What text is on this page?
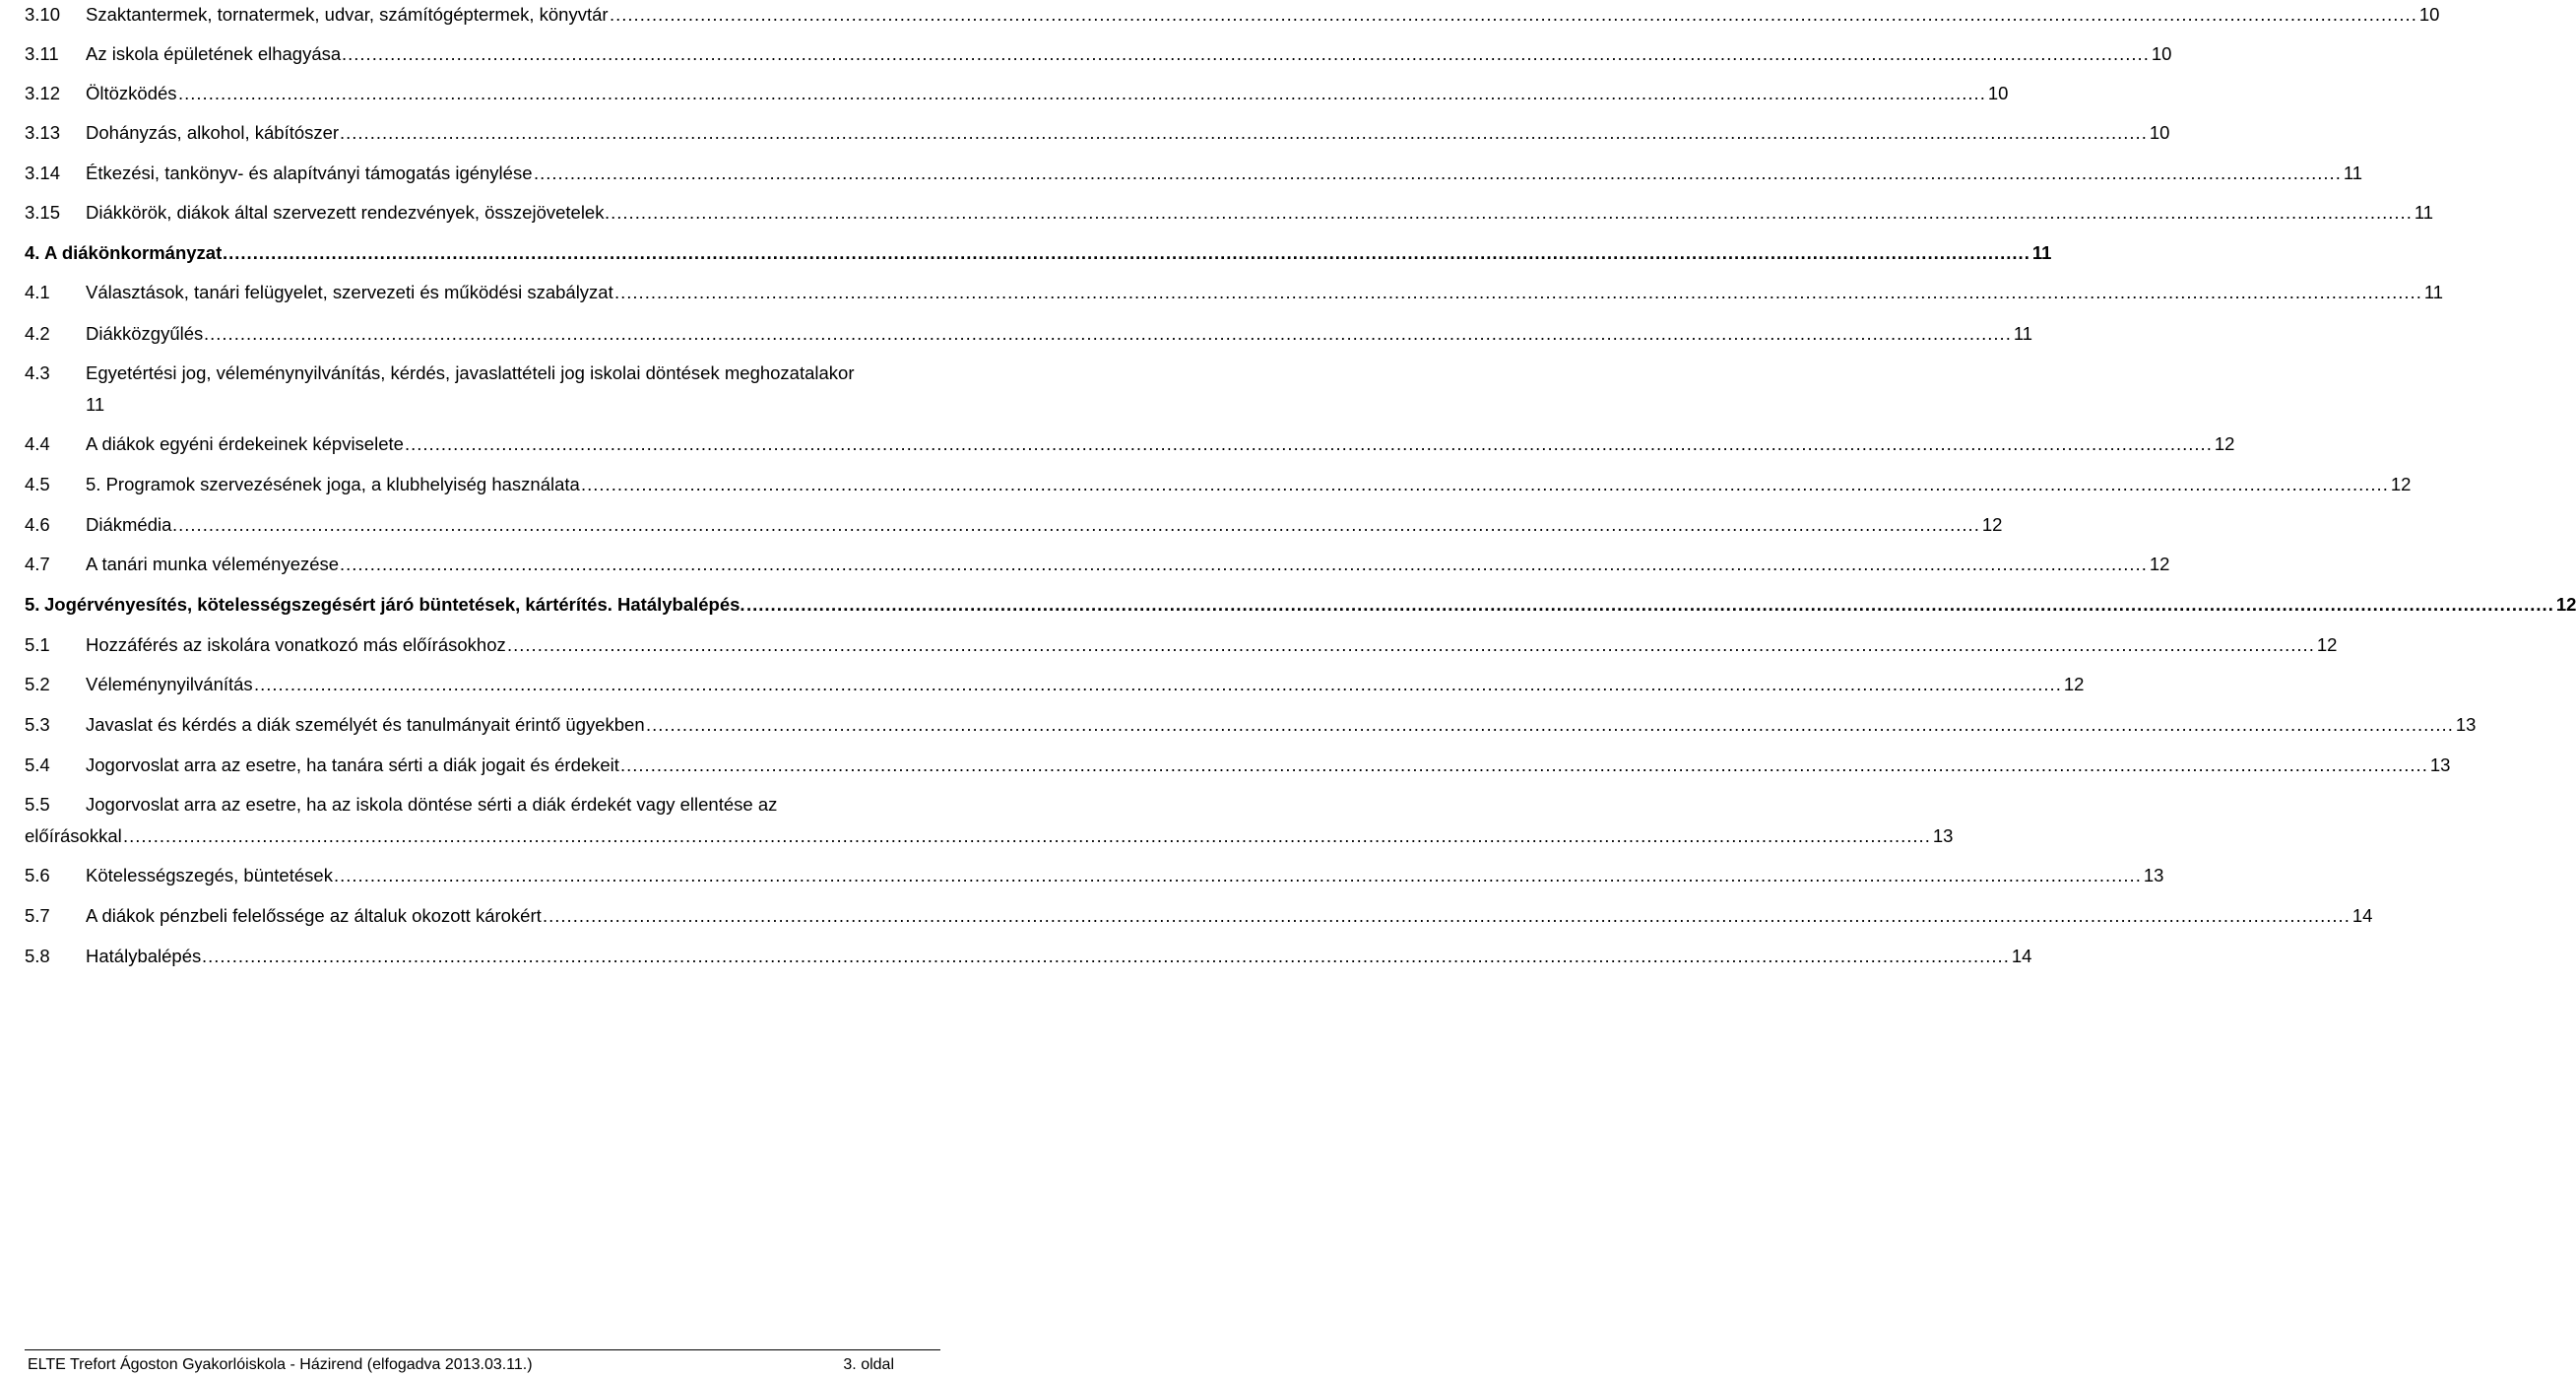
3.10 Szaktantermek, tornatermek, udvar, számítógéptermek, könyvtár ........................................................................................................................................................................................................................................................................................................... 10
3.11 Az iskola épületének elhagyása ........................................................................................................................................................................................................................................................................................................... 10
3.12 Öltözködés ........................................................................................................................................................................................................................................................................................................... 10
3.13 Dohányzás, alkohol, kábítószer ........................................................................................................................................................................................................................................................................................................... 10
3.14 Étkezési, tankönyv- és alapítványi támogatás igénylése ........................................................................................................................................................................................................................................................................................................... 11
3.15 Diákkörök, diákok által szervezett rendezvények, összejövetelek ........................................................................................................................................................................................................................................................................................................... 11
4. A diákönkormányzat ........................................................................................................................................................................................................................................................................................................... 11
4.1 Választások, tanári felügyelet, szervezeti és működési szabályzat ........................................................................................................................................................................................................................................................................................................... 11
4.2 Diákközgyűlés ........................................................................................................................................................................................................................................................................................................... 11
4.3 Egyetértési jog, véleménynyilvánítás, kérdés, javaslattételi jog iskolai döntések meghozatalakor
11
4.4 A diákok egyéni érdekeinek képviselete ........................................................................................................................................................................................................................................................................................................... 12
4.5 5. Programok szervezésének joga, a klubhelyiség használata ........................................................................................................................................................................................................................................................................................................... 12
4.6 Diákmédia ........................................................................................................................................................................................................................................................................................................... 12
4.7 A tanári munka véleményezése ........................................................................................................................................................................................................................................................................................................... 12
5. Jogérvényesítés, kötelességszegésért járó büntetések, kártérítés. Hatálybalépés. ........................................................................................................................................................................................................................................................................................................... 12
5.1 Hozzáférés az iskolára vonatkozó más előírásokhoz ........................................................................................................................................................................................................................................................................................................... 12
5.2 Véleménynyilvánítás ........................................................................................................................................................................................................................................................................................................... 12
5.3 Javaslat és kérdés a diák személyét és tanulmányait érintő ügyekben ........................................................................................................................................................................................................................................................................................................... 13
5.4 Jogorvoslat arra az esetre, ha tanára sérti a diák jogait és érdekeit ........................................................................................................................................................................................................................................................................................................... 13
5.5 Jogorvoslat arra az esetre, ha az iskola döntése sérti a diák érdekét vagy ellentése az
előírásokkal ........................................................................................................................................................................................................................................................................................................... 13
5.6 Kötelességszegés, büntetések ........................................................................................................................................................................................................................................................................................................... 13
5.7 A diákok pénzbeli felelőssége az általuk okozott károkért ........................................................................................................................................................................................................................................................................................................... 14
5.8 Hatálybalépés ........................................................................................................................................................................................................................................................................................................... 14
ELTE Trefort Ágoston Gyakorlóiskola - Házirend (elfogadva 2013.03.11.)	3. oldal
